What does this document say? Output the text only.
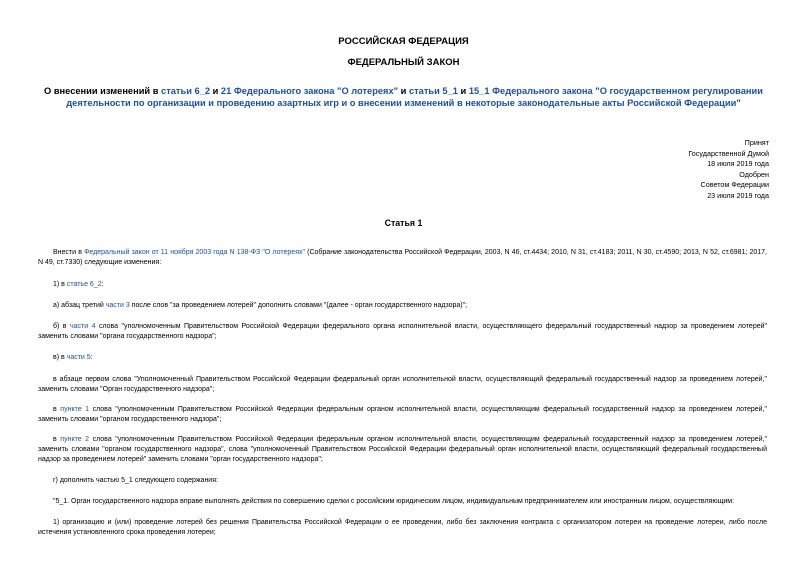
РОССИЙСКАЯ ФЕДЕРАЦИЯ
ФЕДЕРАЛЬНЫЙ ЗАКОН
О внесении изменений в статьи 6_2 и 21 Федерального закона "О лотереях" и статьи 5_1 и 15_1 Федерального закона "О государственном регулировании деятельности по организации и проведению азартных игр и о внесении изменений в некоторые законодательные акты Российской Федерации"
Принят
Государственной Думой
18 июля 2019 года
Одобрен
Советом Федерации
23 июля 2019 года
Статья 1
Внести в Федеральный закон от 11 ноября 2003 года N 138-ФЗ "О лотереях" (Собрание законодательства Российской Федерации, 2003, N 46, ст.4434; 2010, N 31, ст.4183; 2011, N 30, ст.4590; 2013, N 52, ст.6981; 2017, N 49, ст.7330) следующие изменения:
1) в статье 6_2:
а) абзац третий части 3 после слов "за проведением лотерей" дополнить словами "(далее - орган государственного надзора)";
б) в части 4 слова "уполномоченным Правительством Российской Федерации федерального органа исполнительной власти, осуществляющего федеральный государственный надзор за проведением лотерей" заменить словами "органа государственного надзора";
в) в части 5:
в абзаце первом слова "Уполномоченный Правительством Российской Федерации федеральный орган исполнительной власти, осуществляющий федеральный государственный надзор за проведением лотерей," заменить словами "Орган государственного надзора";
в пункте 1 слова "уполномоченным Правительством Российской Федерации федеральным органом исполнительной власти, осуществляющим федеральный государственный надзор за проведением лотерей," заменить словами "органом государственного надзора";
в пункте 2 слова "уполномоченным Правительством Российской Федерации федеральным органом исполнительной власти, осуществляющим федеральный государственный надзор за проведением лотерей," заменить словами "органом государственного надзора", слова "уполномоченный Правительством Российской Федерации федеральный орган исполнительной власти, осуществляющий федеральный государственный надзор за проведением лотерей" заменить словами "орган государственного надзора";
г) дополнить частью 5_1 следующего содержания:
"5_1. Орган государственного надзора вправе выполнять действия по совершению сделки с российским юридическим лицом, индивидуальным предпринимателем или иностранным лицом, осуществляющим:
1) организацию и (или) проведение лотерей без решения Правительства Российской Федерации о ее проведении, либо без заключения контракта с организатором лотереи на проведение лотереи, либо после истечения установленного срока проведения лотереи;
